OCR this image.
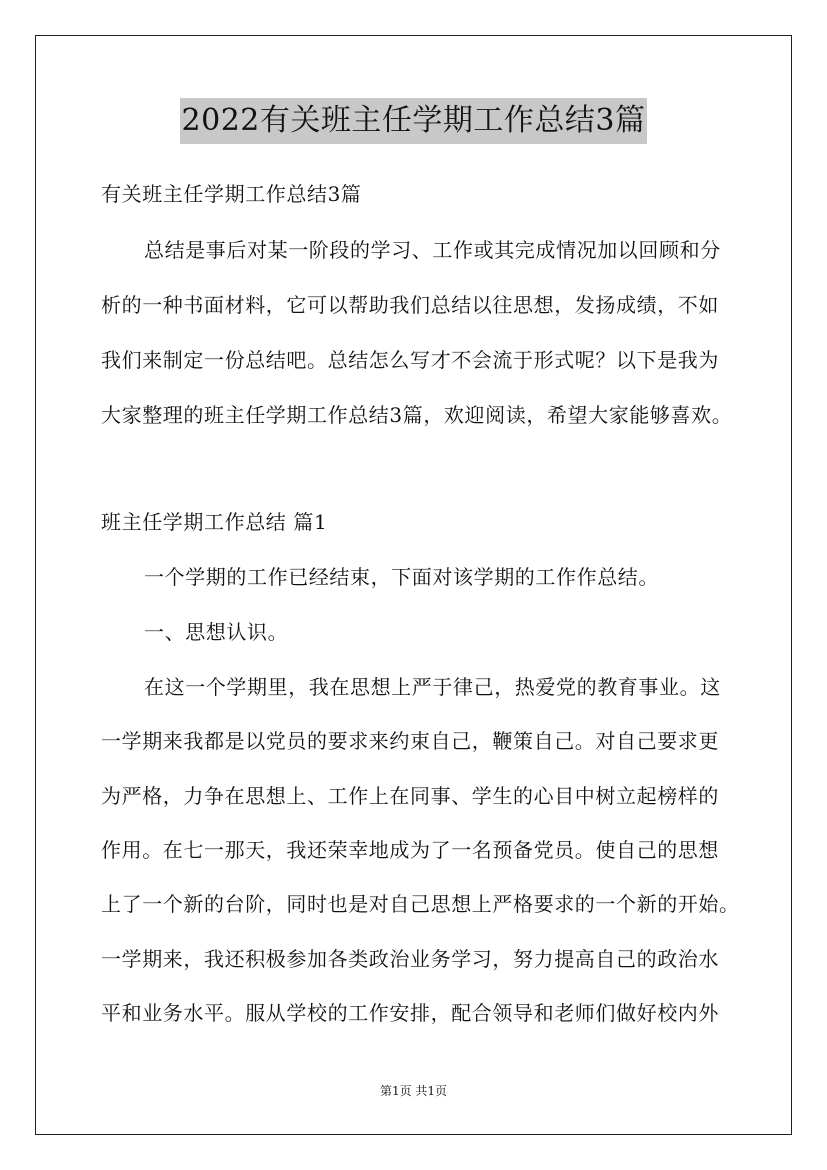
2022有关班主任学期工作总结3篇
有关班主任学期工作总结3篇
总结是事后对某一阶段的学习、工作或其完成情况加以回顾和分
析的一种书面材料，它可以帮助我们总结以往思想，发扬成绩，不如
我们来制定一份总结吧。总结怎么写才不会流于形式呢？以下是我为
大家整理的班主任学期工作总结3篇，欢迎阅读，希望大家能够喜欢。
班主任学期工作总结 篇1
一个学期的工作已经结束，下面对该学期的工作作总结。
一、思想认识。
在这一个学期里，我在思想上严于律己，热爱党的教育事业。这
一学期来我都是以党员的要求来约束自己，鞭策自己。对自己要求更
为严格，力争在思想上、工作上在同事、学生的心目中树立起榜样的
作用。在七一那天，我还荣幸地成为了一名预备党员。使自己的思想
上了一个新的台阶，同时也是对自己思想上严格要求的一个新的开始。
一学期来，我还积极参加各类政治业务学习，努力提高自己的政治水
平和业务水平。服从学校的工作安排，配合领导和老师们做好校内外
第1页 共1页
